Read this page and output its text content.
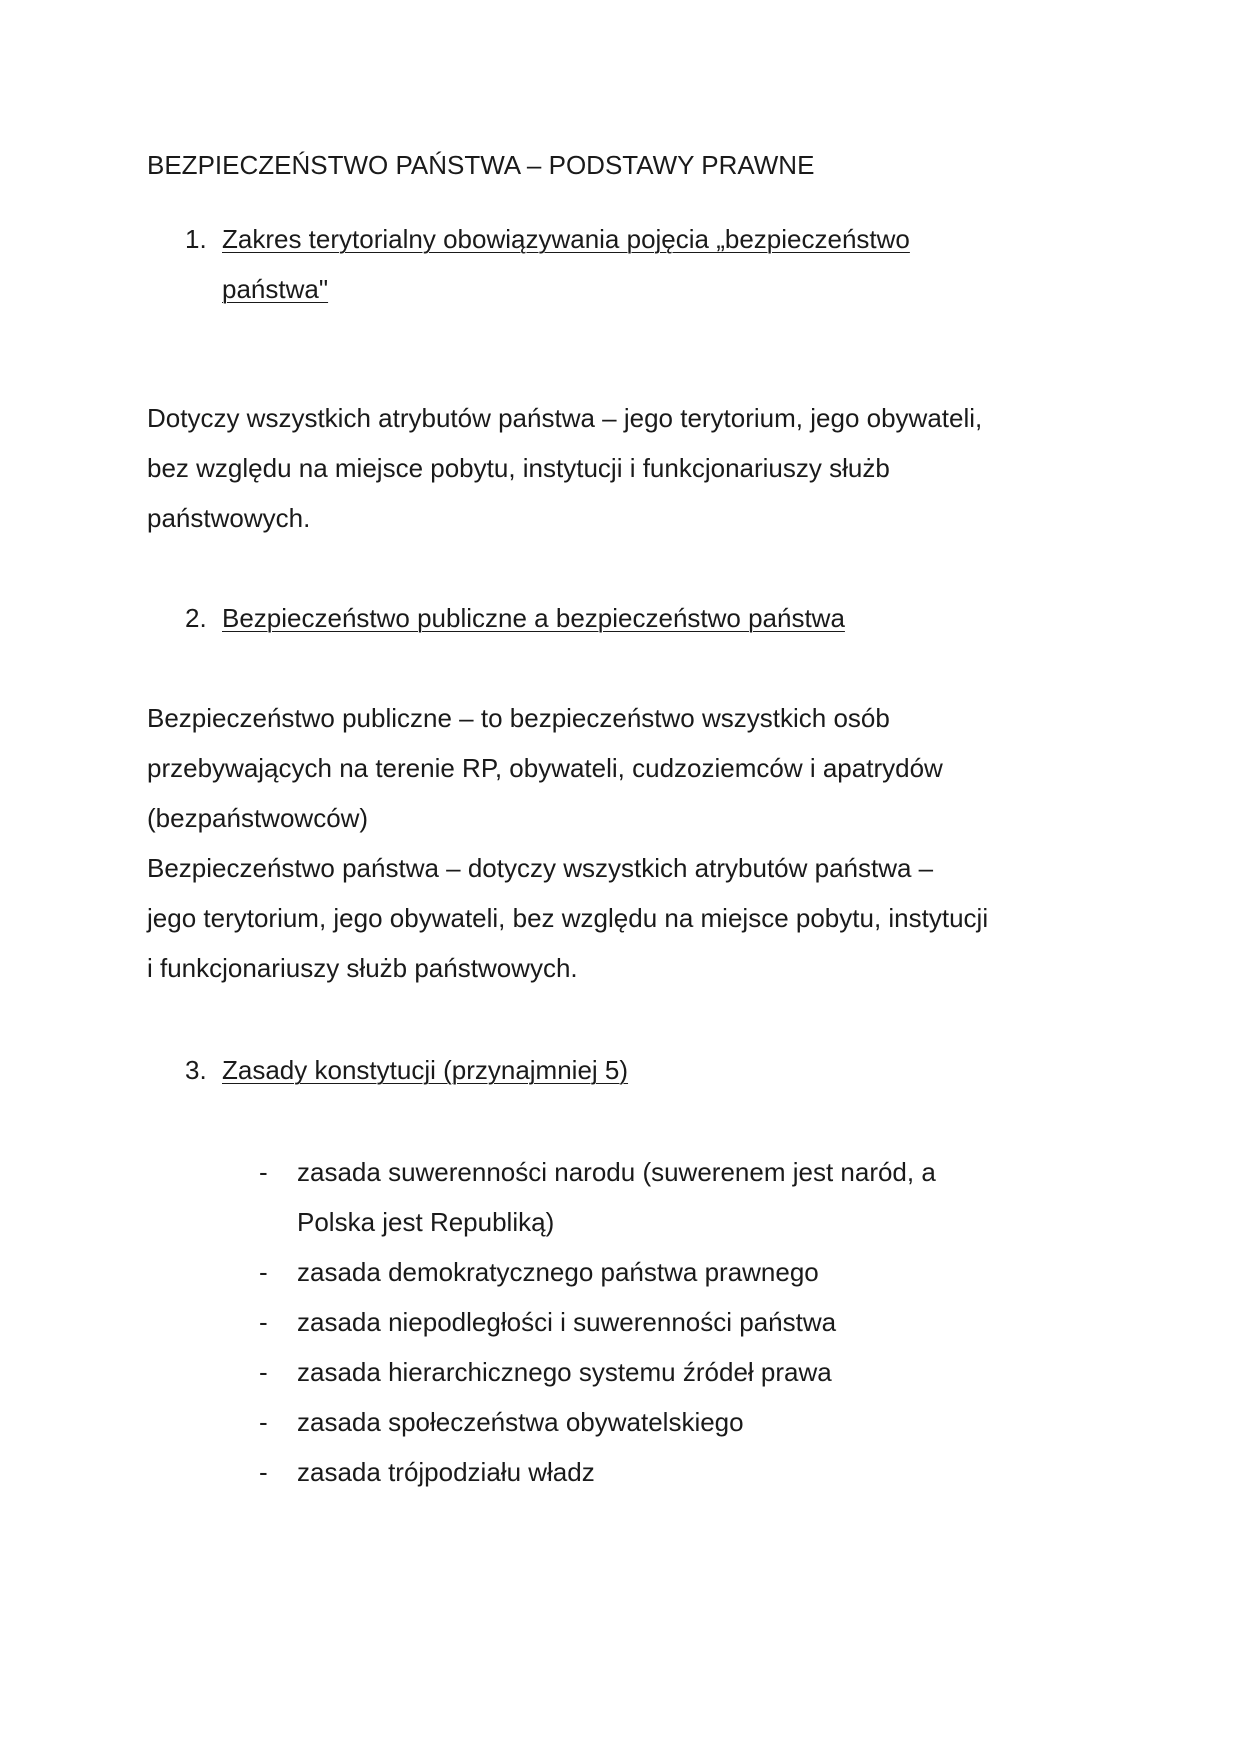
BEZPIECZEŃSTWO PAŃSTWA – PODSTAWY PRAWNE
1. Zakres terytorialny obowiązywania pojęcia „bezpieczeństwo
państwa"
Dotyczy wszystkich atrybutów państwa – jego terytorium, jego obywateli,
bez względu na miejsce pobytu, instytucji i funkcjonariuszy służb
państwowych.
2. Bezpieczeństwo publiczne a bezpieczeństwo państwa
Bezpieczeństwo publiczne – to bezpieczeństwo wszystkich osób
przebywających na terenie RP, obywateli, cudzoziemców i apatrydów
(bezpaństwowców)
Bezpieczeństwo państwa – dotyczy wszystkich atrybutów państwa –
jego terytorium, jego obywateli, bez względu na miejsce pobytu, instytucji
i funkcjonariuszy służb państwowych.
3. Zasady konstytucji (przynajmniej 5)
- zasada suwerenności narodu (suwerenem jest naród, a
Polska jest Republiką)
- zasada demokratycznego państwa prawnego
- zasada niepodległości i suwerenności państwa
- zasada hierarchicznego systemu źródeł prawa
- zasada społeczeństwa obywatelskiego
- zasada trójpodziału władz
